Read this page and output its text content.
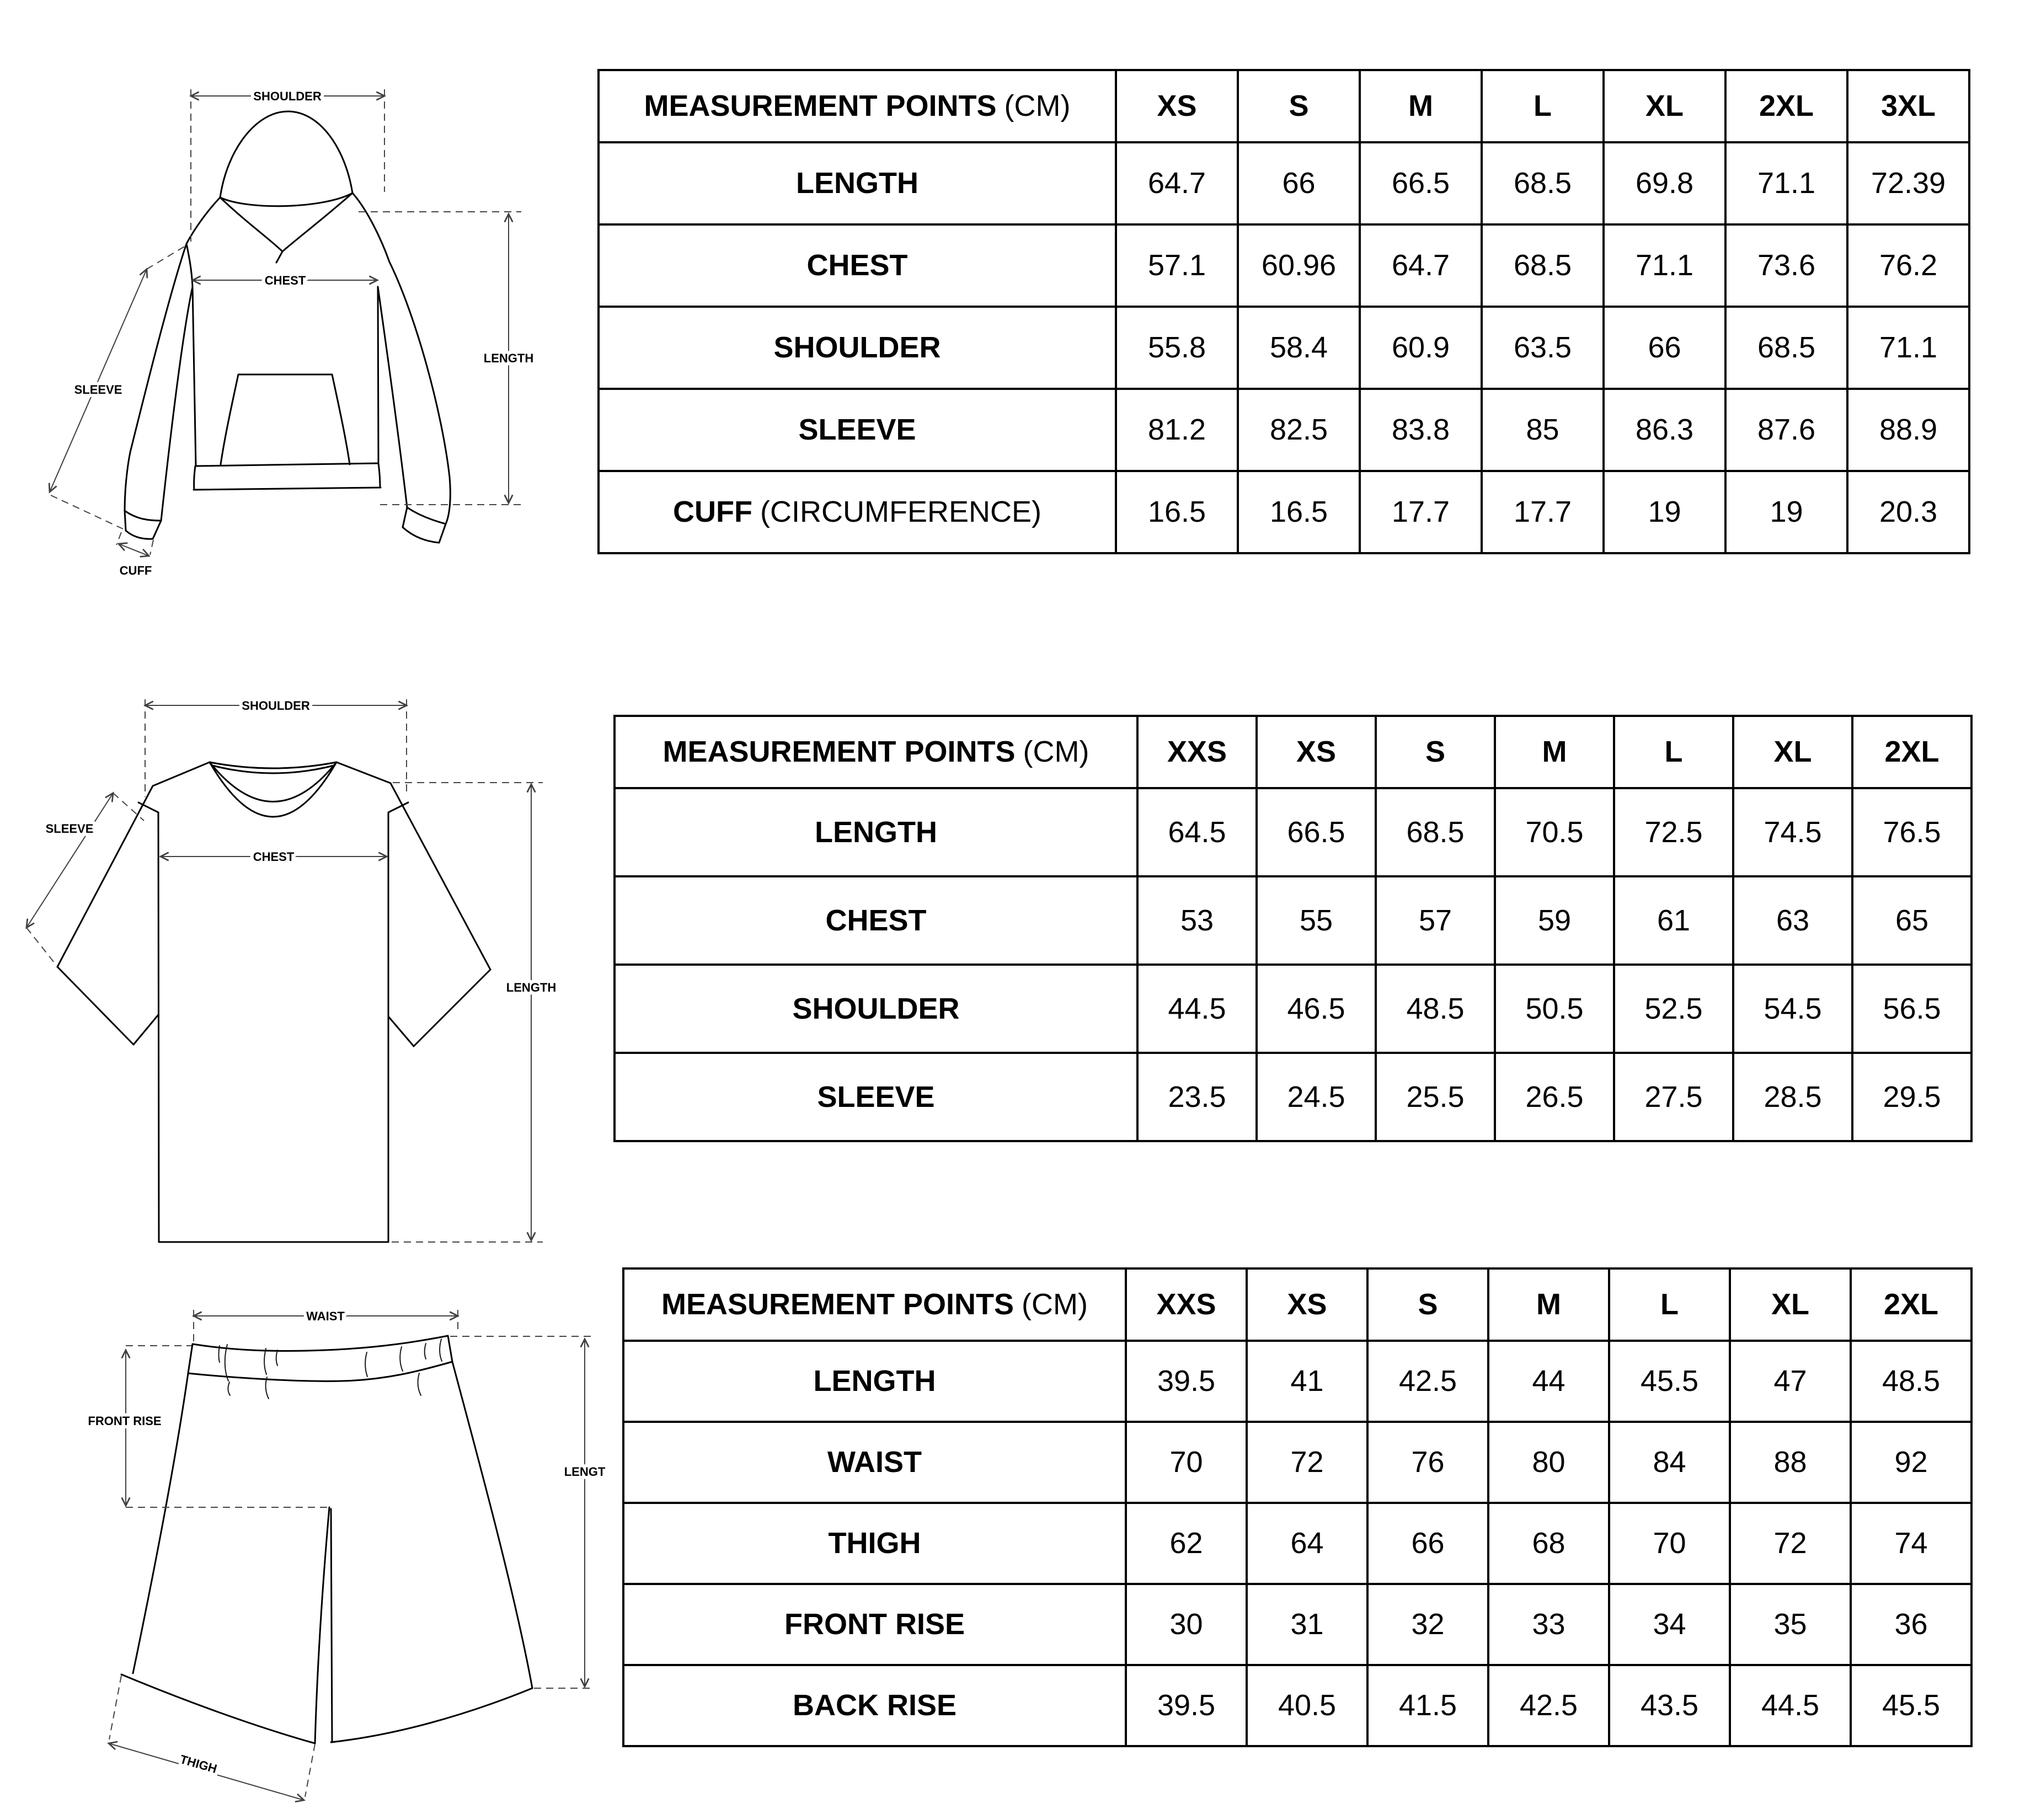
SHOULDER
CHEST
SLEEVE
LENGTH
CUFF
MEASUREMENT POINTS (CM)	XS	S	M	L	XL	2XL	3XL
LENGTH	64.7	66	66.5	68.5	69.8	71.1	72.39
CHEST	57.1	60.96	64.7	68.5	71.1	73.6	76.2
SHOULDER	55.8	58.4	60.9	63.5	66	68.5	71.1
SLEEVE	81.2	82.5	83.8	85	86.3	87.6	88.9
CUFF (CIRCUMFERENCE)	16.5	16.5	17.7	17.7	19	19	20.3
SHOULDER
SLEEVE
CHEST
LENGTH
MEASUREMENT POINTS (CM)	XXS	XS	S	M	L	XL	2XL
LENGTH	64.5	66.5	68.5	70.5	72.5	74.5	76.5
CHEST	53	55	57	59	61	63	65
SHOULDER	44.5	46.5	48.5	50.5	52.5	54.5	56.5
SLEEVE	23.5	24.5	25.5	26.5	27.5	28.5	29.5
WAIST
FRONT RISE
LENGT
THIGH
MEASUREMENT POINTS (CM)	XXS	XS	S	M	L	XL	2XL
LENGTH	39.5	41	42.5	44	45.5	47	48.5
WAIST	70	72	76	80	84	88	92
THIGH	62	64	66	68	70	72	74
FRONT RISE	30	31	32	33	34	35	36
BACK RISE	39.5	40.5	41.5	42.5	43.5	44.5	45.5
